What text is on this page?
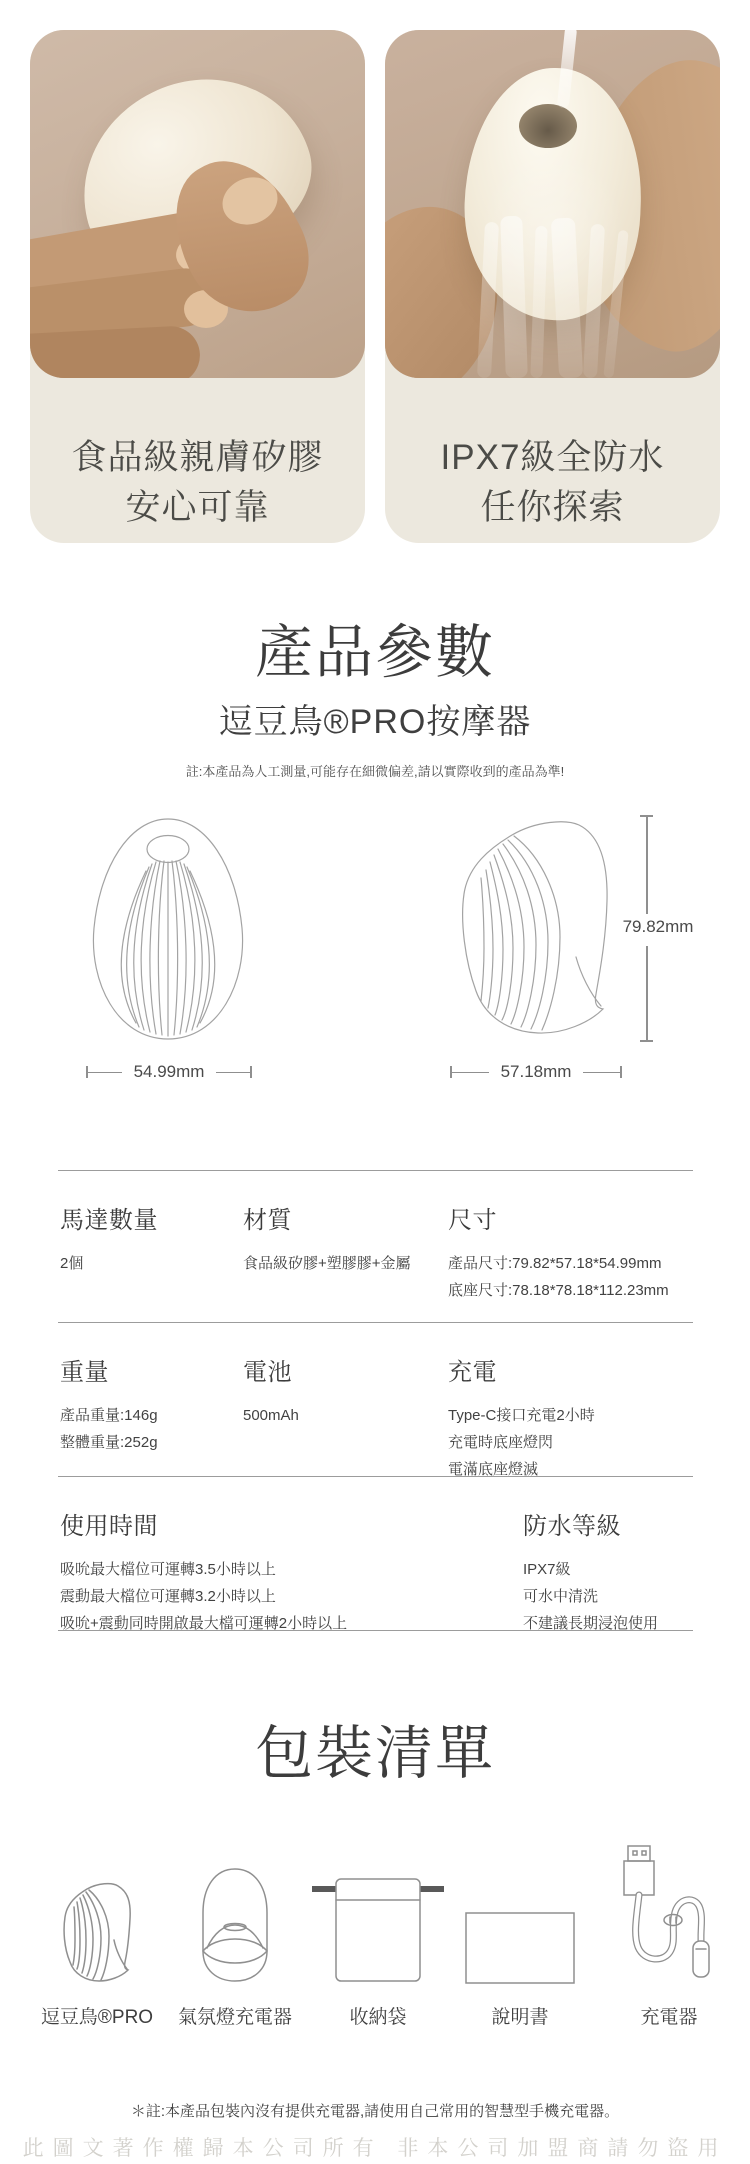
食品級親膚矽膠
安心可靠
IPX7級全防水
任你探索
產品參數
逗豆鳥®PRO按摩器
註:本產品為人工測量,可能存在細微偏差,請以實際收到的產品為準!
54.99mm	57.18mm
79.82mm
馬達數量
2個
材質
食品級矽膠+塑膠膠+金屬
尺寸
產品尺寸:79.82*57.18*54.99mm
底座尺寸:78.18*78.18*112.23mm
重量
產品重量:146g
整體重量:252g
電池
500mAh
充電
Type-C接口充電2小時
充電時底座燈閃
電滿底座燈滅
使用時間
吸吮最大檔位可運轉3.5小時以上
震動最大檔位可運轉3.2小時以上
吸吮+震動同時開啟最大檔可運轉2小時以上
防水等級
IPX7級
可水中清洗
不建議長期浸泡使用
包裝清單
逗豆鳥®PRO	氣氛燈充電器	收納袋	說明書	充電器
＊註:本產品包裝內沒有提供充電器,請使用自己常用的智慧型手機充電器。
此圖文著作權歸本公司所有 非本公司加盟商請勿盜用
